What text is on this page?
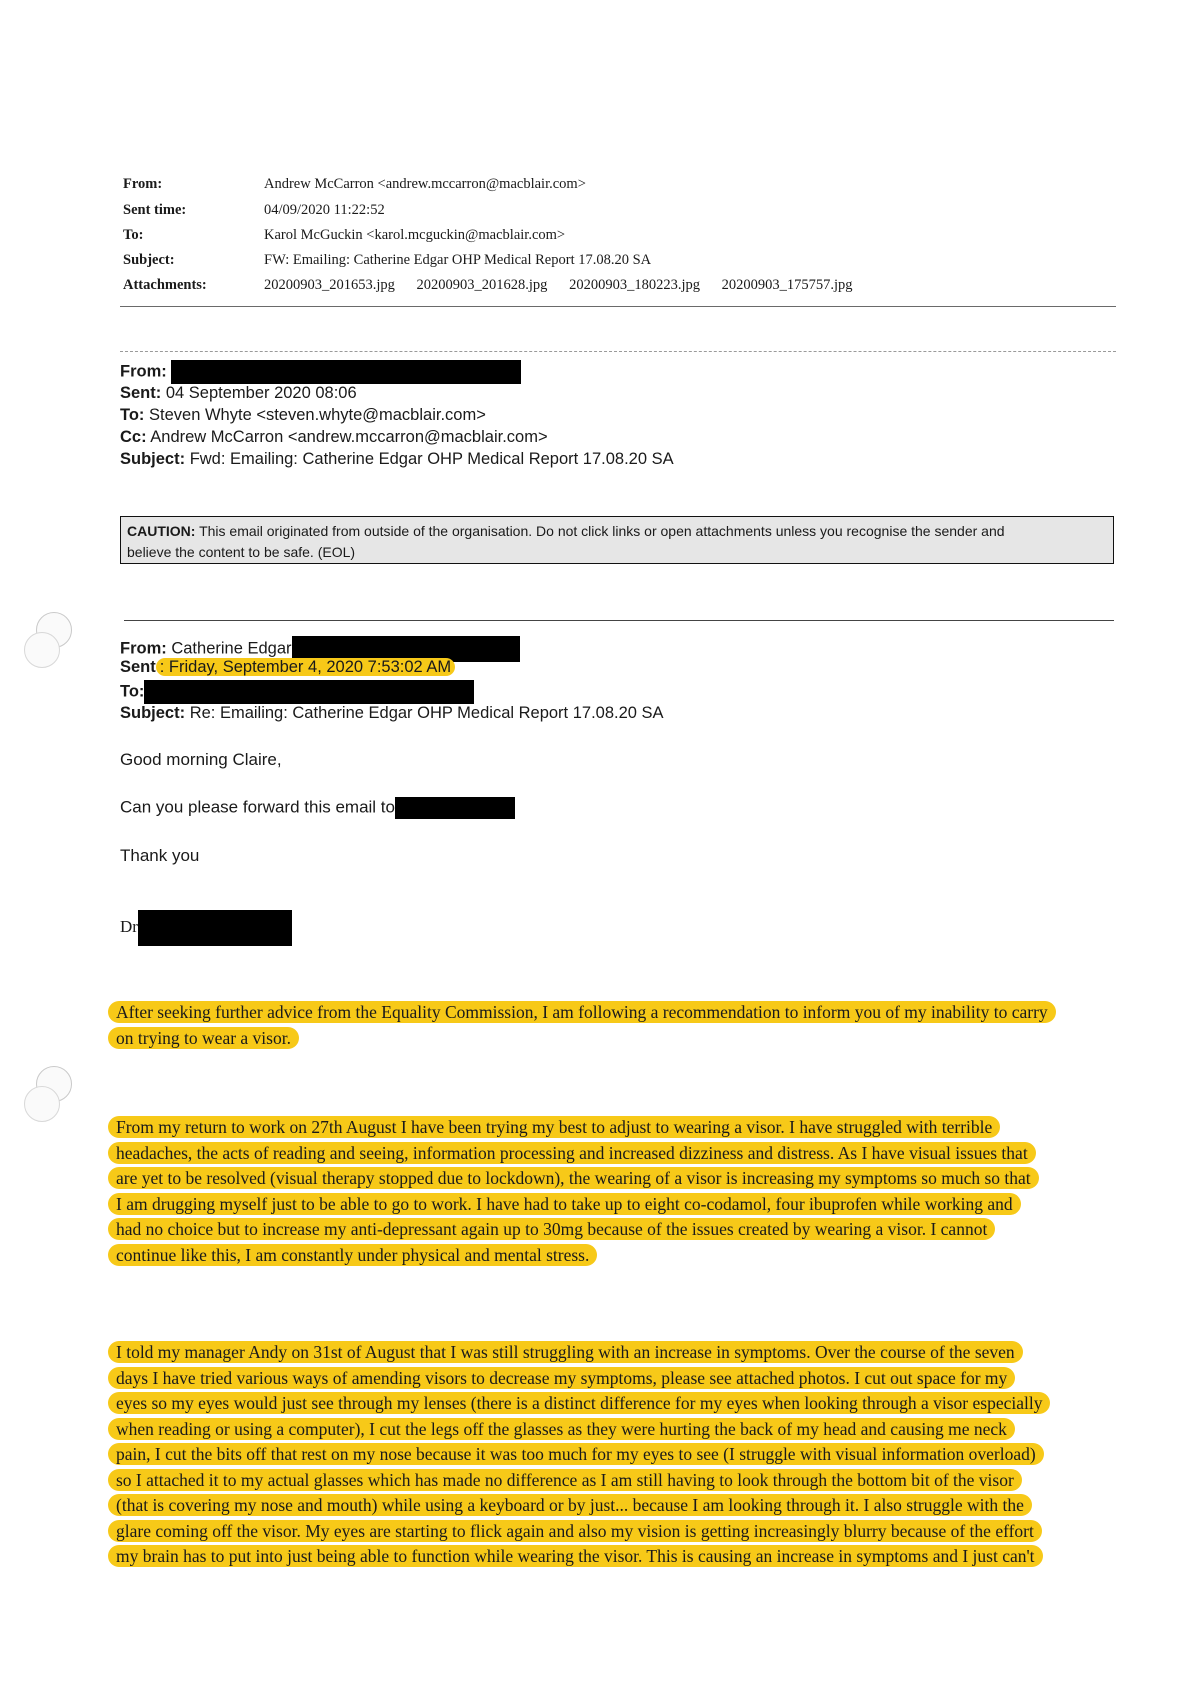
From:	Andrew McCarron <andrew.mccarron@macblair.com>
Sent time:	04/09/2020 11:22:52
To:	Karol McGuckin <karol.mcguckin@macblair.com>
Subject:	FW: Emailing: Catherine Edgar OHP Medical Report 17.08.20 SA
Attachments:	20200903_201653.jpg 20200903_201628.jpg 20200903_180223.jpg 20200903_175757.jpg
From:
Sent: 04 September 2020 08:06
To: Steven Whyte <steven.whyte@macblair.com>
Cc: Andrew McCarron <andrew.mccarron@macblair.com>
Subject: Fwd: Emailing: Catherine Edgar OHP Medical Report 17.08.20 SA
CAUTION: This email originated from outside of the organisation. Do not click links or open attachments unless you recognise the sender and
believe the content to be safe. (EOL)
From: Catherine Edgar
Sent : Friday, September 4, 2020 7:53:02 AM
To:
Subject: Re: Emailing: Catherine Edgar OHP Medical Report 17.08.20 SA
Good morning Claire,
Can you please forward this email to
Thank you
Dr
After seeking further advice from the Equality Commission, I am following a recommendation to inform you of my inability to carry
on trying to wear a visor.
From my return to work on 27th August I have been trying my best to adjust to wearing a visor. I have struggled with terrible
headaches, the acts of reading and seeing, information processing and increased dizziness and distress. As I have visual issues that
are yet to be resolved (visual therapy stopped due to lockdown), the wearing of a visor is increasing my symptoms so much so that
I am drugging myself just to be able to go to work. I have had to take up to eight co-codamol, four ibuprofen while working and
had no choice but to increase my anti-depressant again up to 30mg because of the issues created by wearing a visor. I cannot
continue like this, I am constantly under physical and mental stress.
I told my manager Andy on 31st of August that I was still struggling with an increase in symptoms. Over the course of the seven
days I have tried various ways of amending visors to decrease my symptoms, please see attached photos. I cut out space for my
eyes so my eyes would just see through my lenses (there is a distinct difference for my eyes when looking through a visor especially
when reading or using a computer), I cut the legs off the glasses as they were hurting the back of my head and causing me neck
pain, I cut the bits off that rest on my nose because it was too much for my eyes to see (I struggle with visual information overload)
so I attached it to my actual glasses which has made no difference as I am still having to look through the bottom bit of the visor
(that is covering my nose and mouth) while using a keyboard or by just... because I am looking through it. I also struggle with the
glare coming off the visor. My eyes are starting to flick again and also my vision is getting increasingly blurry because of the effort
my brain has to put into just being able to function while wearing the visor. This is causing an increase in symptoms and I just can't
